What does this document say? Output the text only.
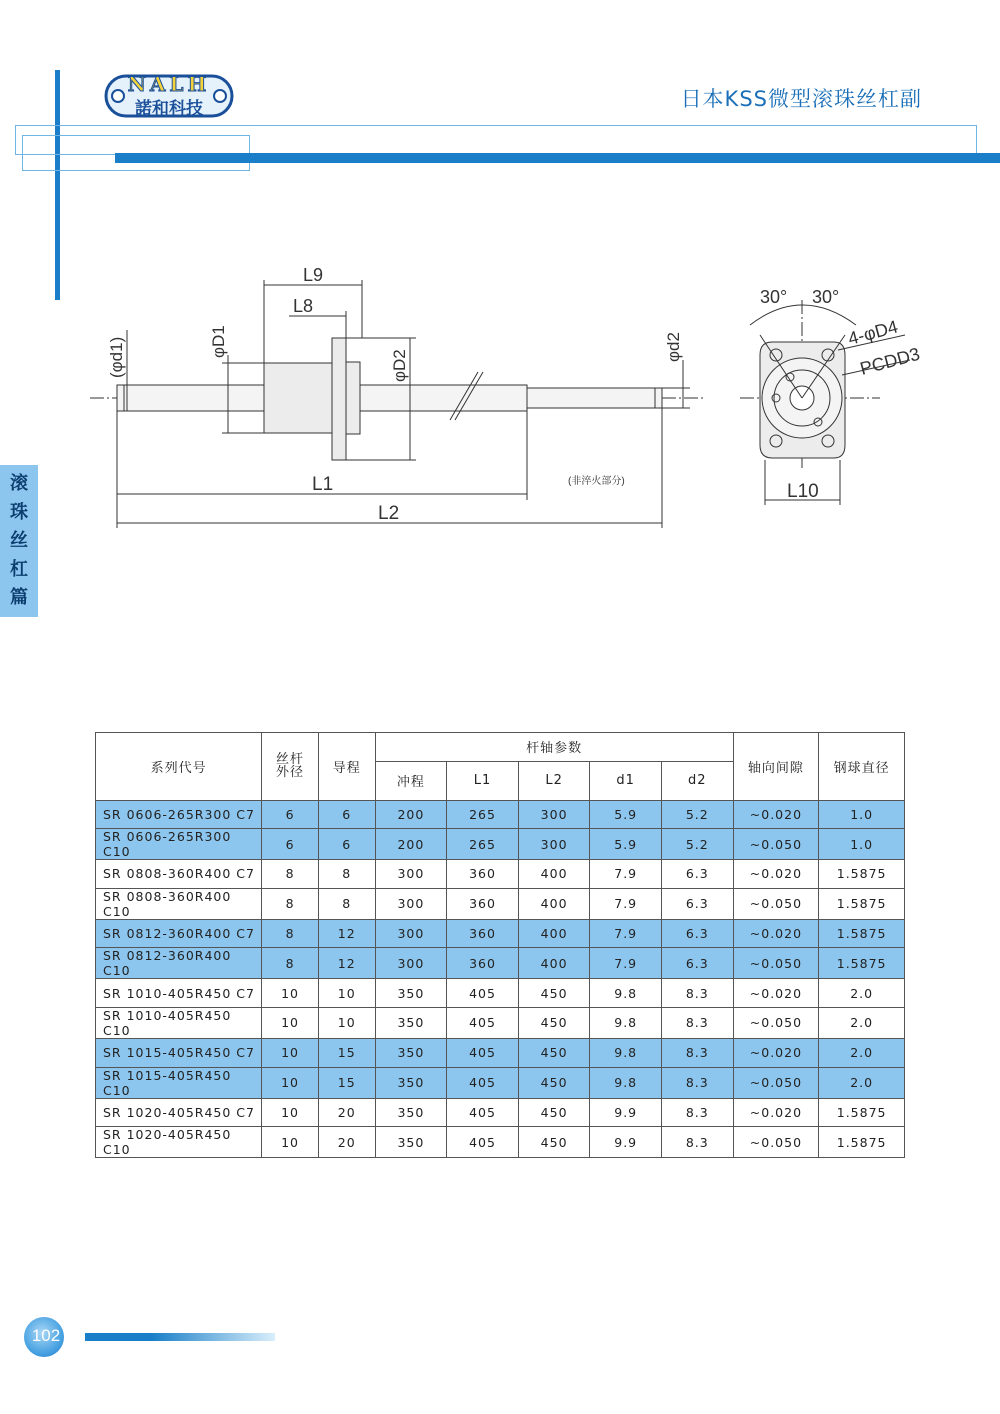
NALH
諾和科技	日本KSS微型滚珠丝杠副
滚
珠
丝
杠
篇
L9
L8
(φd1)	φD1
φD2
φd2
L1
L2
(非淬火部分)
30° 30°
4-φD4
PCDD3
L10
系列代号	丝杆外径	导程	杆轴参数					轴向间隙	钢球直径
			冲程	L1	L2	d1	d2		
SR 0606-265R300 C7	6	6	200	265	300	5.9	5.2	~0.020	1.0
SR 0606-265R300 C10	6	6	200	265	300	5.9	5.2	~0.050	1.0
SR 0808-360R400 C7	8	8	300	360	400	7.9	6.3	~0.020	1.5875
SR 0808-360R400 C10	8	8	300	360	400	7.9	6.3	~0.050	1.5875
SR 0812-360R400 C7	8	12	300	360	400	7.9	6.3	~0.020	1.5875
SR 0812-360R400 C10	8	12	300	360	400	7.9	6.3	~0.050	1.5875
SR 1010-405R450 C7	10	10	350	405	450	9.8	8.3	~0.020	2.0
SR 1010-405R450 C10	10	10	350	405	450	9.8	8.3	~0.050	2.0
SR 1015-405R450 C7	10	15	350	405	450	9.8	8.3	~0.020	2.0
SR 1015-405R450 C10	10	15	350	405	450	9.8	8.3	~0.050	2.0
SR 1020-405R450 C7	10	20	350	405	450	9.9	8.3	~0.020	1.5875
SR 1020-405R450 C10	10	20	350	405	450	9.9	8.3	~0.050	1.5875
102
